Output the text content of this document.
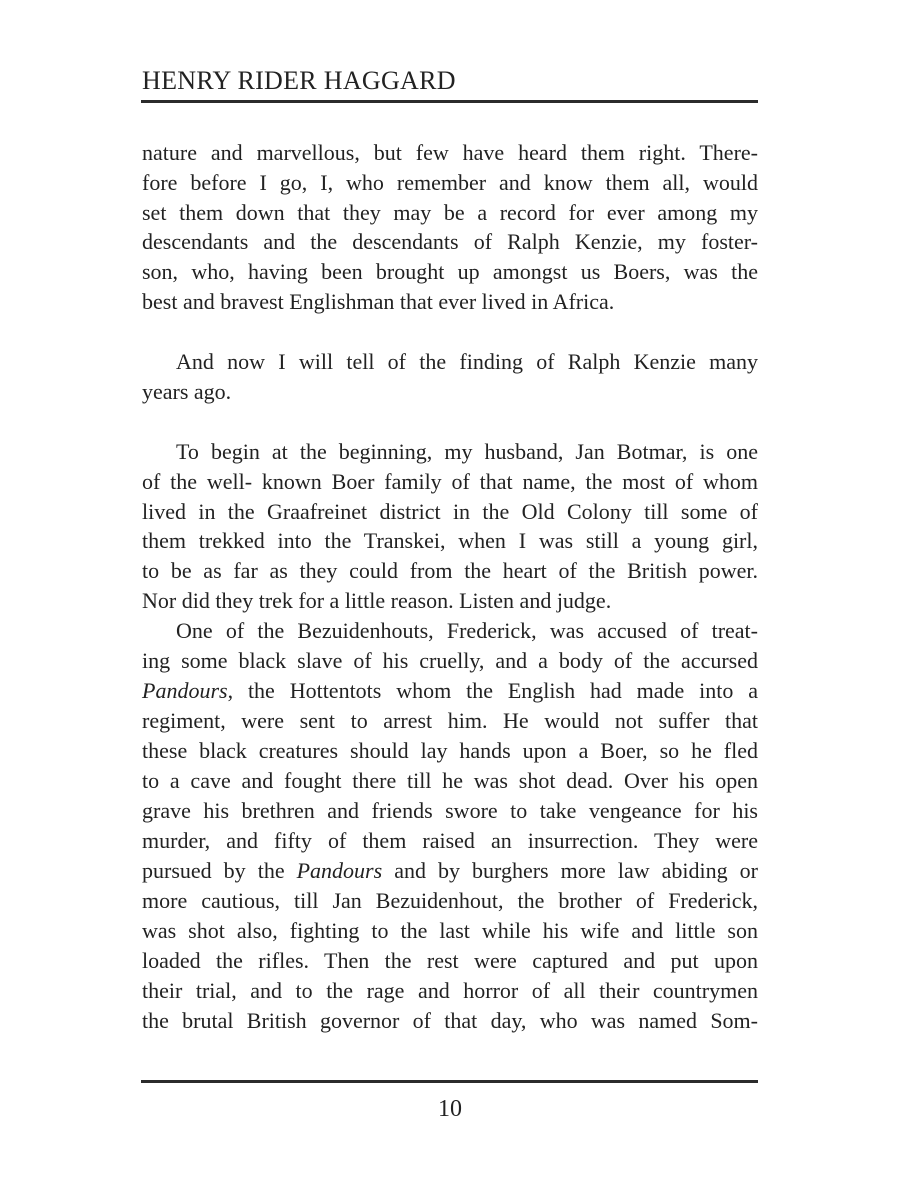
HENRY RIDER HAGGARD
nature and marvellous, but few have heard them right. There-
fore before I go, I, who remember and know them all, would
set them down that they may be a record for ever among my
descendants and the descendants of Ralph Kenzie, my foster-
son, who, having been brought up amongst us Boers, was the
best and bravest Englishman that ever lived in Africa.
And now I will tell of the finding of Ralph Kenzie many
years ago.
To begin at the beginning, my husband, Jan Botmar, is one
of the well- known Boer family of that name, the most of whom
lived in the Graafreinet district in the Old Colony till some of
them trekked into the Transkei, when I was still a young girl,
to be as far as they could from the heart of the British power.
Nor did they trek for a little reason. Listen and judge.
One of the Bezuidenhouts, Frederick, was accused of treat-
ing some black slave of his cruelly, and a body of the accursed
Pandours, the Hottentots whom the English had made into a
regiment, were sent to arrest him. He would not suffer that
these black creatures should lay hands upon a Boer, so he fled
to a cave and fought there till he was shot dead. Over his open
grave his brethren and friends swore to take vengeance for his
murder, and fifty of them raised an insurrection. They were
pursued by the Pandours and by burghers more law abiding or
more cautious, till Jan Bezuidenhout, the brother of Frederick,
was shot also, fighting to the last while his wife and little son
loaded the rifles. Then the rest were captured and put upon
their trial, and to the rage and horror of all their countrymen
the brutal British governor of that day, who was named Som-
10
